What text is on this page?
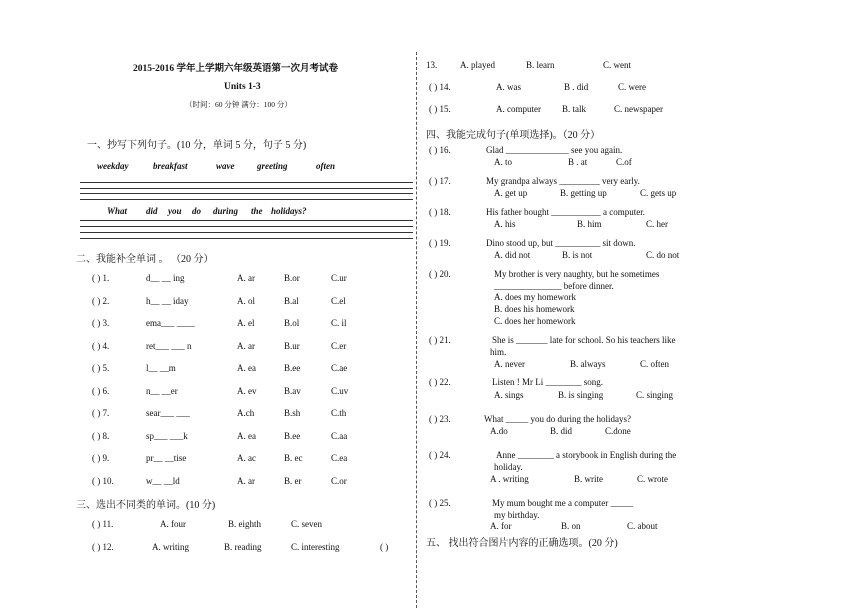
2015-2016 学年上学期六年级英语第一次月考试卷
Units 1-3
（时间：60 分钟 满分：100 分）
一、抄写下列句子。(10 分，单词 5 分，句子 5 分)
weekday	breakfast	wave	greeting	often
What did you do during the holidays?
二、我能补全单词 。 （20 分）
( ) 1.	d__ __ ing	A. ar	B.or	C.ur
( ) 2.	h__ __ iday	A. ol	B.al	C.el
( ) 3.	ema___ ____	A. el	B.ol	C. il
( ) 4.	ret___ ___ n	A. ar	B.ur	C.er
( ) 5.	l__ __m	A. ea	B.ee	C.ae
( ) 6.	n__ __er	A. ev	B.av	C.uv
( ) 7.	sear___ ___	A.ch	B.sh	C.th
( ) 8.	sp___ ___k	A. ea	B.ee	C.aa
( ) 9.	pr__ __tise	A. ac	B. ec	C.ea
( ) 10.	w__ __ld	A. ar	B. er	C.or
三、选出不同类的单词。(10 分)
( ) 11.	A. four	B. eighth	C. seven
( ) 12.	A. writing	B. reading	C. interesting	( )
13.	A. played	B. learn	C. went
( ) 14.	A. was	B . did	C. were
( ) 15.	A. computer B. talk	C. newspaper
四、我能完成句子(单项选择)。（20 分）
( ) 16.	Glad ______________ see you again.
A. to	B . at	C.of
( ) 17.	My grandpa always _________ very early.
A. get up	B. getting up	C. gets up
( ) 18.	His father bought ___________ a computer.
A. his	B. him	C. her
( ) 19.	Dino stood up, but __________ sit down.
A. did not	B. is not	C. do not
( ) 20.	My brother is very naughty, but he sometimes
_______________ before dinner.
A. does my homework
B. does his homework
C. does her homework
( ) 21.	She is _______ late for school. So his teachers like
him.
A. never	B. always	C. often
( ) 22.	Listen ! Mr Li ________ song.
A. sings	B. is singing	C. singing
( ) 23.	What _____ you do during the holidays?
A.do	B. did	C.done
( ) 24.	Anne ________ a storybook in English during the
holiday.
A . writing	B. write	C. wrote
( ) 25.	My mum bought me a computer _____
my birthday.
A. for	B. on	C. about
五、 找出符合图片内容的正确选项。(20 分)
